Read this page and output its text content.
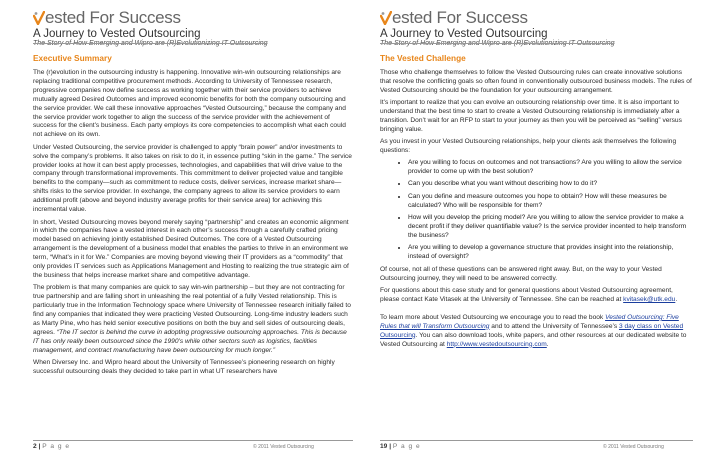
ested For Success
A Journey to Vested Outsourcing
The Story of How Emerging and Wipro are (R)Evolutionizing IT Outsourcing
Executive Summary

The (r)evolution in the outsourcing industry is happening. Innovative win-win outsourcing relationships are replacing traditional competitive procurement methods. According to University of Tennessee research, progressive companies now define success as working together with their service providers to achieve mutually agreed Desired Outcomes and improved economic benefits for both the company outsourcing and the service provider. We call these innovative approaches “Vested Outsourcing,” because the company and the service provider work together to align the success of the service provider with the achievement of success for the client’s business. Each party employs its core competencies to accomplish what each could not achieve on its own.

Under Vested Outsourcing, the service provider is challenged to apply “brain power” and/or investments to solve the company’s problems. It also takes on risk to do it, in essence putting “skin in the game.” The service provider looks at how it can best apply processes, technologies, and capabilities that will drive value to the company through transformational improvements. This commitment to deliver projected value and tangible benefits to the company—such as commitment to reduce costs, deliver services, increase market share—shifts risks to the service provider. In exchange, the company agrees to allow its service providers to earn additional profit (above and beyond industry average profits for their service area) for achieving this incremental value.

In short, Vested Outsourcing moves beyond merely saying “partnership” and creates an economic alignment in which the companies have a vested interest in each other’s success through a carefully crafted pricing model based on achieving jointly established Desired Outcomes. The core of a Vested Outsourcing arrangement is the development of a business model that enables the parties to thrive in an environment we term, “What’s in it for We.” Companies are moving beyond viewing their IT providers as a “commodity” that only provides IT services such as Applications Management and Hosting to realizing the true strategic aim of the business that helps increase market share and competitive advantage.

The problem is that many companies are quick to say win-win partnership – but they are not contracting for true partnership and are falling short in unleashing the real potential of a fully Vested relationship. This is particularly true in the Information Technology space where University of Tennessee research initially failed to find any companies that indicated they were practicing Vested Outsourcing. Long-time industry leaders such as Marty Pine, who has held senior executive positions on both the buy and sell sides of outsourcing deals, agrees. “The IT sector is behind the curve in adopting progressive outsourcing approaches. This is because IT has only really been outsourced since the 1990’s while other sectors such as logistics, facilities management, and contract manufacturing have been outsourcing for much longer.”

When Diversey Inc. and Wipro heard about the University of Tennessee’s pioneering research on highly successful outsourcing deals they decided to take part in what UT researchers have

2 | P a g e	© 2011 Vested Outsourcing
ested For Success
A Journey to Vested Outsourcing
The Story of How Emerging and Wipro are (R)Evolutionizing IT Outsourcing
The Vested Challenge

Those who challenge themselves to follow the Vested Outsourcing rules can create innovative solutions that resolve the conflicting goals so often found in conventionally outsourced business models. The rules of Vested Outsourcing should be the foundation for your outsourcing arrangement.

It’s important to realize that you can evolve an outsourcing relationship over time. It is also important to understand that the best time to start to create a Vested Outsourcing relationship is immediately after a transition. Don’t wait for an RFP to start to your journey as then you will be perceived as “selling” versus bringing value.

As you invest in your Vested Outsourcing relationships, help your clients ask themselves the following questions:

• Are you willing to focus on outcomes and not transactions? Are you willing to allow the service provider to come up with the best solution?
• Can you describe what you want without describing how to do it?
• Can you define and measure outcomes you hope to obtain? How will these measures be calculated? Who will be responsible for them?
• How will you develop the pricing model? Are you willing to allow the service provider to make a decent profit if they deliver quantifiable value? Is the service provider incented to help transform the business?
• Are you willing to develop a governance structure that provides insight into the relationship, instead of oversight?

Of course, not all of these questions can be answered right away. But, on the way to your Vested Outsourcing journey, they will need to be answered correctly.

For questions about this case study and for general questions about Vested Outsourcing agreement, please contact Kate Vitasek at the University of Tennessee. She can be reached at kvitasek@utk.edu.

To learn more about Vested Outsourcing we encourage you to read the book Vested Outsourcing: Five Rules that will Transform Outsourcing and to attend the University of Tennessee’s 3 day class on Vested Outsourcing. You can also download tools, white papers, and other resources at our dedicated website to Vested Outsourcing at http://www.vestedoutsourcing.com.

19 | P a g e	© 2011 Vested Outsourcing
